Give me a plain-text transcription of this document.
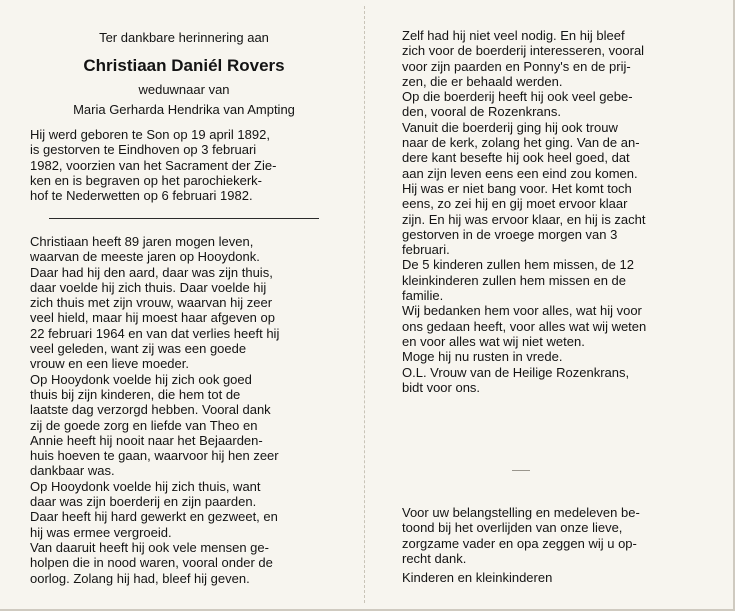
Ter dankbare herinnering aan
Christiaan Daniél Rovers
weduwnaar van
Maria Gerharda Hendrika van Ampting
Hij werd geboren te Son op 19 april 1892,
is gestorven te Eindhoven op 3 februari
1982, voorzien van het Sacrament der Zie-
ken en is begraven op het parochiekerk-
hof te Nederwetten op 6 februari 1982.
Christiaan heeft 89 jaren mogen leven,
waarvan de meeste jaren op Hooydonk.
Daar had hij den aard, daar was zijn thuis,
daar voelde hij zich thuis. Daar voelde hij
zich thuis met zijn vrouw, waarvan hij zeer
veel hield, maar hij moest haar afgeven op
22 februari 1964 en van dat verlies heeft hij
veel geleden, want zij was een goede
vrouw en een lieve moeder.
Op Hooydonk voelde hij zich ook goed
thuis bij zijn kinderen, die hem tot de
laatste dag verzorgd hebben. Vooral dank
zij de goede zorg en liefde van Theo en
Annie heeft hij nooit naar het Bejaarden-
huis hoeven te gaan, waarvoor hij hen zeer
dankbaar was.
Op Hooydonk voelde hij zich thuis, want
daar was zijn boerderij en zijn paarden.
Daar heeft hij hard gewerkt en gezweet, en
hij was ermee vergroeid.
Van daaruit heeft hij ook vele mensen ge-
holpen die in nood waren, vooral onder de
oorlog. Zolang hij had, bleef hij geven.
Zelf had hij niet veel nodig. En hij bleef
zich voor de boerderij interesseren, vooral
voor zijn paarden en Ponny's en de prij-
zen, die er behaald werden.
Op die boerderij heeft hij ook veel gebe-
den, vooral de Rozenkrans.
Vanuit die boerderij ging hij ook trouw
naar de kerk, zolang het ging. Van de an-
dere kant besefte hij ook heel goed, dat
aan zijn leven eens een eind zou komen.
Hij was er niet bang voor. Het komt toch
eens, zo zei hij en gij moet ervoor klaar
zijn. En hij was ervoor klaar, en hij is zacht
gestorven in de vroege morgen van 3
februari.
De 5 kinderen zullen hem missen, de 12
kleinkinderen zullen hem missen en de
familie.
Wij bedanken hem voor alles, wat hij voor
ons gedaan heeft, voor alles wat wij weten
en voor alles wat wij niet weten.
Moge hij nu rusten in vrede.
O.L. Vrouw van de Heilige Rozenkrans,
bidt voor ons.
Voor uw belangstelling en medeleven be-
toond bij het overlijden van onze lieve,
zorgzame vader en opa zeggen wij u op-
recht dank.
Kinderen en kleinkinderen
